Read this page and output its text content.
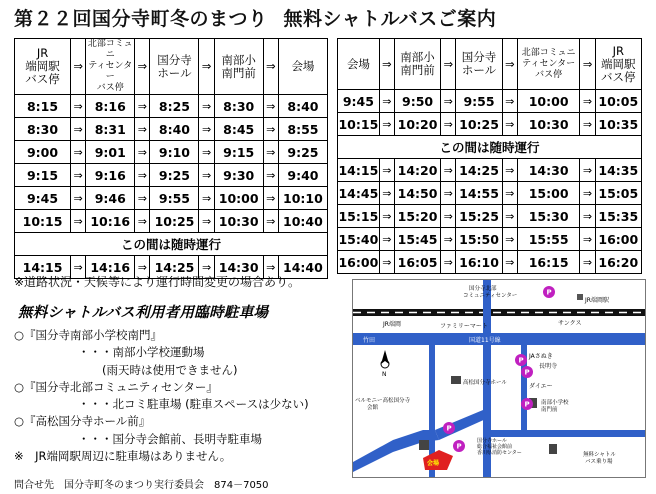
第２２回国分寺町冬のまつり 無料シャトルバスご案内
JR
端岡駅
バス停	⇒	北部コミュニ
ティセンター
バス停	⇒	国分寺
ホール	⇒	南部小
南門前	⇒	会場
8:15	⇒	8:16	⇒	8:25	⇒	8:30	⇒	8:40
8:30	⇒	8:31	⇒	8:40	⇒	8:45	⇒	8:55
9:00	⇒	9:01	⇒	9:10	⇒	9:15	⇒	9:25
9:15	⇒	9:16	⇒	9:25	⇒	9:30	⇒	9:40
9:45	⇒	9:46	⇒	9:55	⇒	10:00	⇒	10:10
10:15	⇒	10:16	⇒	10:25	⇒	10:30	⇒	10:40
この間は随時運行								
14:15	⇒	14:16	⇒	14:25	⇒	14:30	⇒	14:40
会場	⇒	南部小
南門前	⇒	国分寺
ホール	⇒	北部コミュニ
ティセンター
バス停	⇒	JR
端岡駅
バス停
9:45	⇒	9:50	⇒	9:55	⇒	10:00	⇒	10:05
10:15	⇒	10:20	⇒	10:25	⇒	10:30	⇒	10:35
この間は随時運行								
14:15	⇒	14:20	⇒	14:25	⇒	14:30	⇒	14:35
14:45	⇒	14:50	⇒	14:55	⇒	15:00	⇒	15:05
15:15	⇒	15:20	⇒	15:25	⇒	15:30	⇒	15:35
15:40	⇒	15:45	⇒	15:50	⇒	15:55	⇒	16:00
16:00	⇒	16:05	⇒	16:10	⇒	16:15	⇒	16:20
※道路状況・天候等により運行時間変更の場合あり。
無料シャトルバス利用者用臨時駐車場
○『国分寺南部小学校南門』
・・・南部小学校運動場
(雨天時は使用できません)
○『国分寺北部コミュニティセンター』
・・・北コミ駐車場 (駐車スペースは少ない)
○『高松国分寺ホール前』
・・・国分寺会館前、長明寺駐車場
※　JR端岡駅周辺に駐車場はありません。
問合せ先　国分寺町冬のまつり実行委員会　874－7050
国分寺北部コミュニティセンター
JR端岡駅
予讃線
JR端岡
国道11号線
サンクス
ファミリーマート
竹田
JAさぬき
長明寺
ダイエー
高松国分寺ホール
ベルモニー高松国分寺会館
南部小学校南門前
国分寺ホール総合福祉会館前香川県消防センター	無料シャトルバス乗り場
P
P
P
P
P
P
会場
N
